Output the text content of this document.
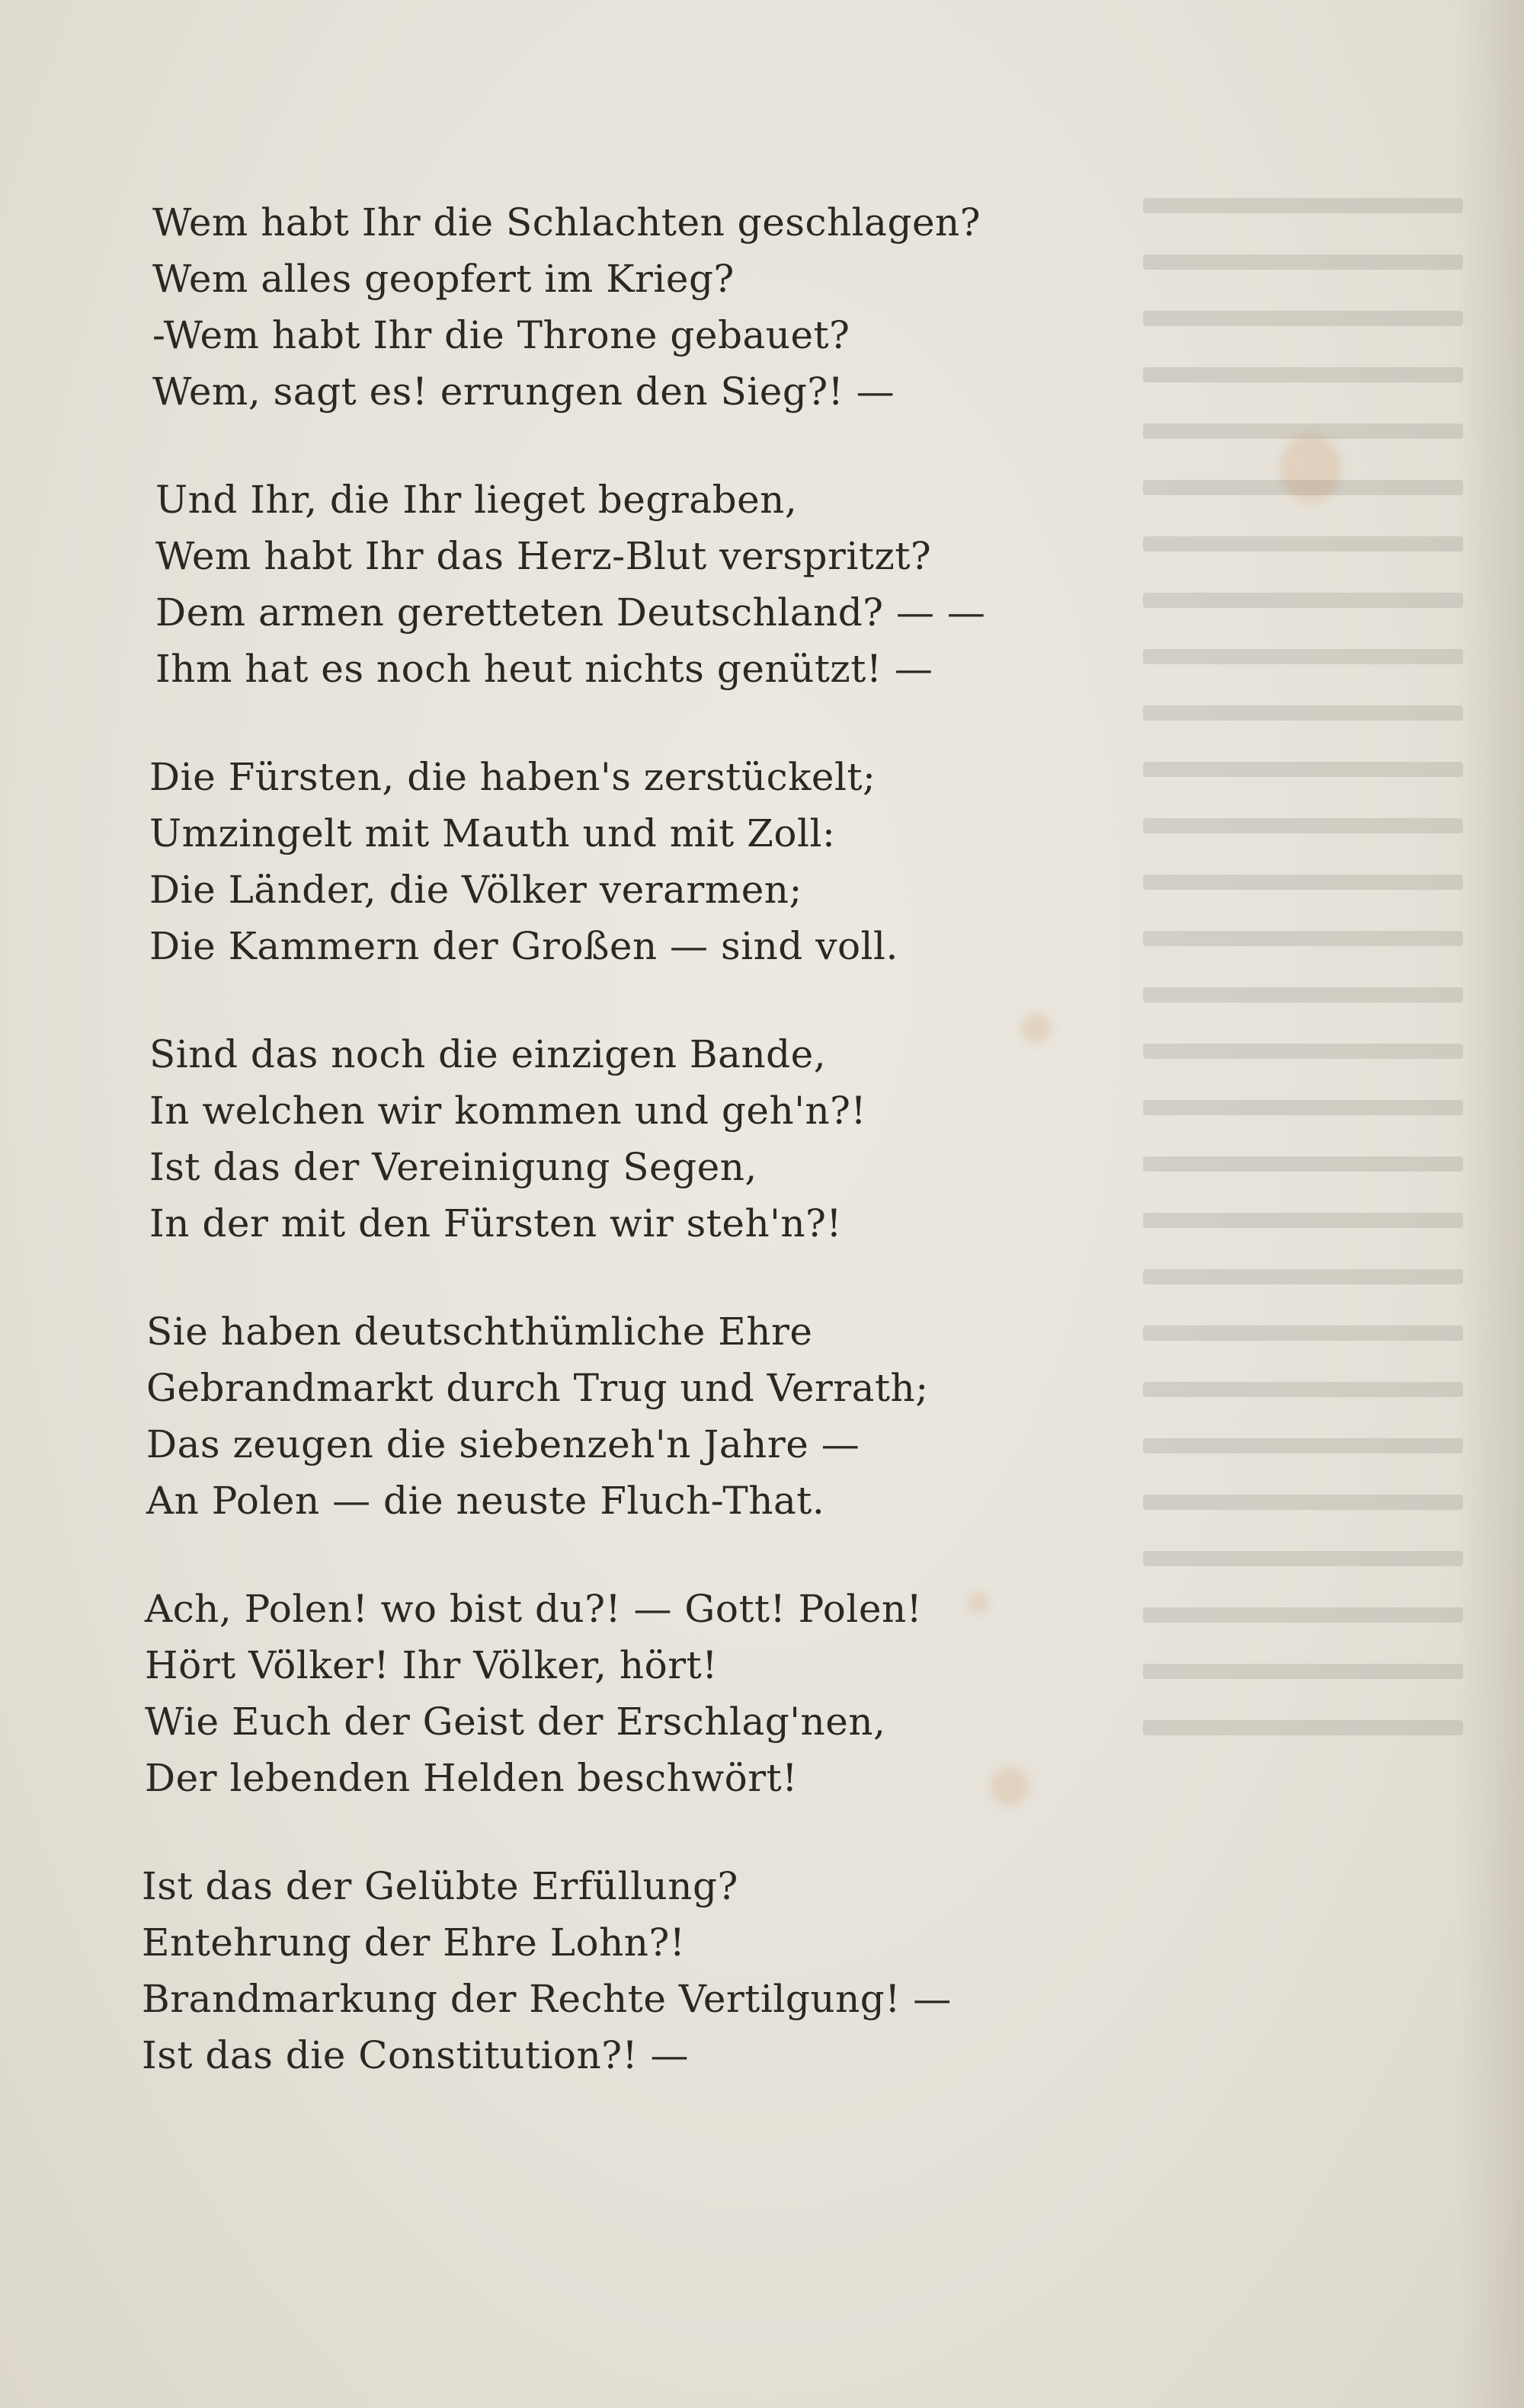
Wem habt Ihr die Schlachten geschlagen?
Wem alles geopfert im Krieg?
-Wem habt Ihr die Throne gebauet?
Wem, sagt es! errungen den Sieg?! —
Und Ihr, die Ihr lieget begraben,
Wem habt Ihr das Herz-Blut verspritzt?
Dem armen geretteten Deutschland? — —
Ihm hat es noch heut nichts genützt! —
Die Fürsten, die haben's zerstückelt;
Umzingelt mit Mauth und mit Zoll:
Die Länder, die Völker verarmen;
Die Kammern der Großen — sind voll.
Sind das noch die einzigen Bande,
In welchen wir kommen und geh'n?!
Ist das der Vereinigung Segen,
In der mit den Fürsten wir steh'n?!
Sie haben deutschthümliche Ehre
Gebrandmarkt durch Trug und Verrath;
Das zeugen die siebenzeh'n Jahre —
An Polen — die neuste Fluch-That.
Ach, Polen! wo bist du?! — Gott! Polen!
Hört Völker! Ihr Völker, hört!
Wie Euch der Geist der Erschlag'nen,
Der lebenden Helden beschwört!
Ist das der Gelübte Erfüllung?
Entehrung der Ehre Lohn?!
Brandmarkung der Rechte Vertilgung! —
Ist das die Constitution?! —
